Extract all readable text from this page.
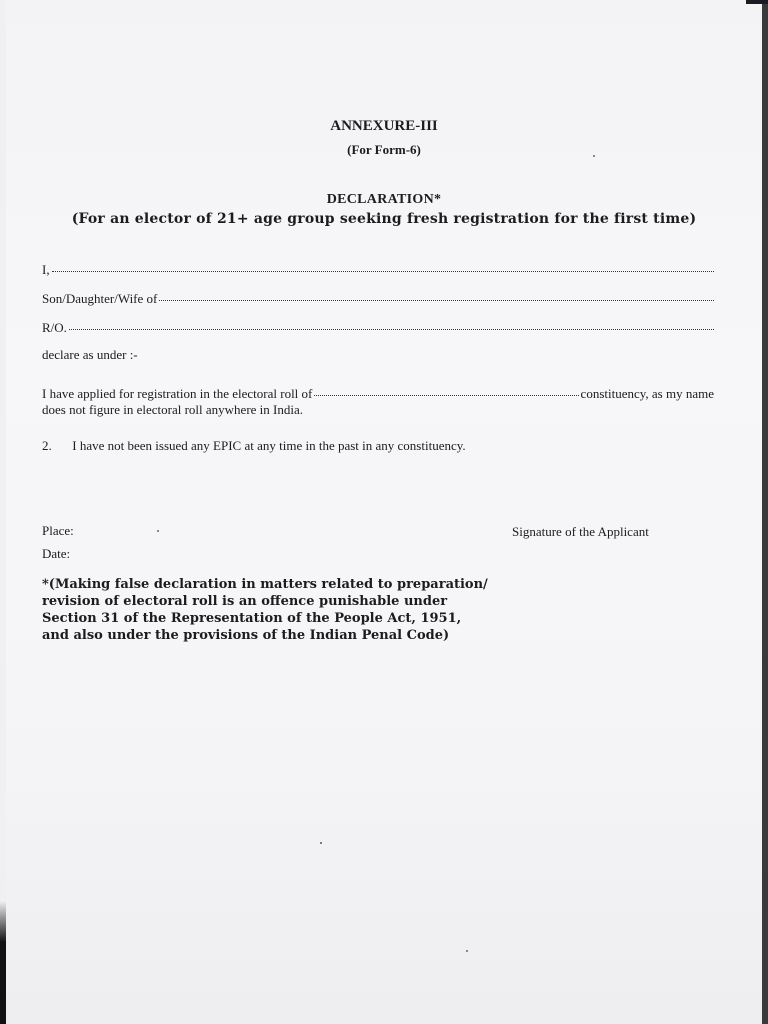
ANNEXURE-III
(For Form-6)
DECLARATION*
(For an elector of 21+ age group seeking fresh registration for the first time)
I,
Son/Daughter/Wife of
R/O.
declare as under :-
I have applied for registration in the electoral roll of	constituency, as my name
does not figure in electoral roll anywhere in India.
2. I have not been issued any EPIC at any time in the past in any constituency.
Place:
Date:
Signature of the Applicant
*(Making false declaration in matters related to preparation/
revision of electoral roll is an offence punishable under
Section 31 of the Representation of the People Act, 1951,
and also under the provisions of the Indian Penal Code)
